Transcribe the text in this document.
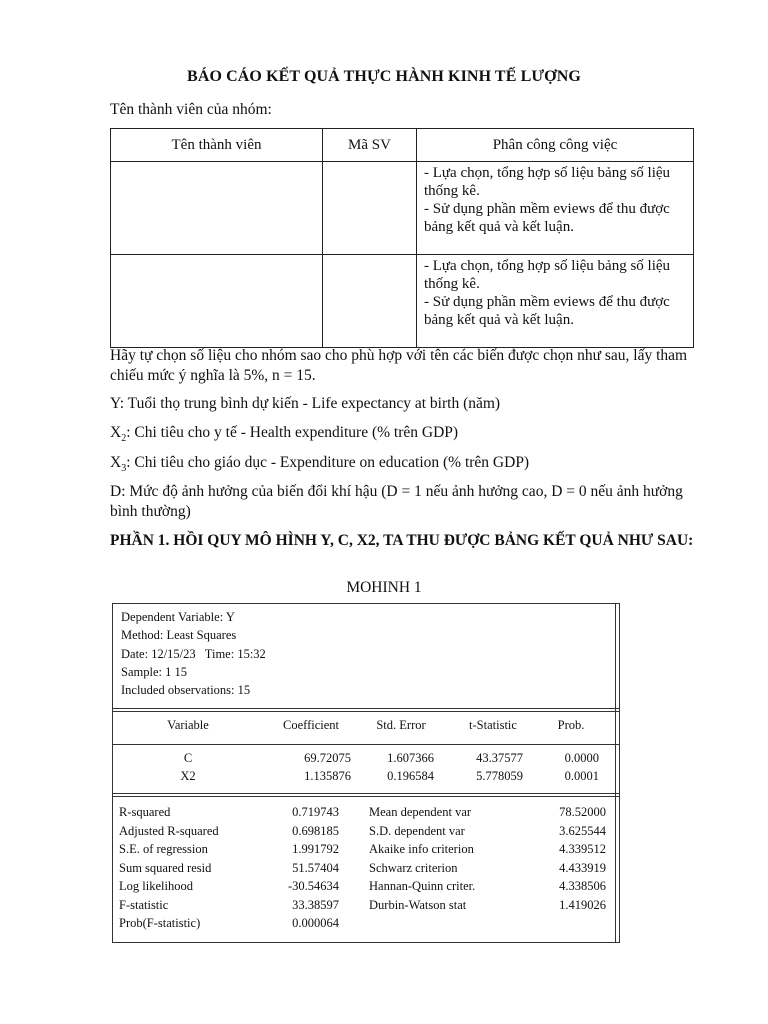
BÁO CÁO KẾT QUẢ THỰC HÀNH KINH TẾ LƯỢNG
Tên thành viên của nhóm:
Tên thành viên	Mã SV	Phân công công việc

		- Lựa chọn, tổng hợp số liệu bảng số liệu thống kê.
- Sử dụng phần mềm eviews để thu được bảng kết quả và kết luận.

		- Lựa chọn, tổng hợp số liệu bảng số liệu thống kê.
- Sử dụng phần mềm eviews để thu được bảng kết quả và kết luận.
Hãy tự chọn số liệu cho nhóm sao cho phù hợp với tên các biến được chọn như sau, lấy tham chiếu mức ý nghĩa là 5%, n = 15.
Y: Tuổi thọ trung bình dự kiến - Life expectancy at birth (năm)
$X_2$: Chi tiêu cho y tế - Health expenditure (% trên GDP)
$X_3$: Chi tiêu cho giáo dục - Expenditure on education (% trên GDP)
D: Mức độ ảnh hưởng của biến đổi khí hậu (D = 1 nếu ảnh hưởng cao, D = 0 nếu ảnh hưởng bình thường)
PHẦN 1. HỒI QUY MÔ HÌNH Y, C, X2, TA THU ĐƯỢC BẢNG KẾT QUẢ NHƯ SAU:
MOHINH 1
Dependent Variable: Y
Method: Least Squares
Date: 12/15/23   Time: 15:32
Sample: 1 15
Included observations: 15
Variable	Coefficient	Std. Error	t-Statistic	Prob.
C	69.72075	1.607366	43.37577	0.0000
X2	1.135876	0.196584	5.778059	0.0001
R-squared	0.719743 Mean dependent var	78.52000
Adjusted R-squared	0.698185 S.D. dependent var	3.625544
S.E. of regression	1.991792 Akaike info criterion	4.339512
Sum squared resid	51.57404 Schwarz criterion	4.433919
Log likelihood	-30.54634 Hannan-Quinn criter.	4.338506
F-statistic	33.38597 Durbin-Watson stat	1.419026
Prob(F-statistic)	0.000064
